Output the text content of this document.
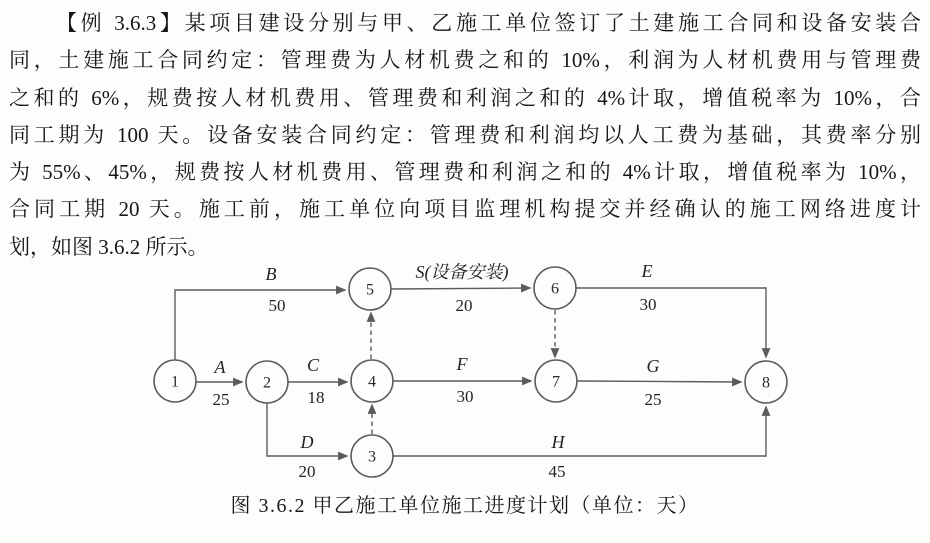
【例 3.6.3】某项目建设分别与甲、乙施工单位签订了土建施工合同和设备安装合
同，土建施工合同约定：管理费为人材机费之和的 10%，利润为人材机费用与管理费
之和的 6%，规费按人材机费用、管理费和利润之和的 4%计取，增值税率为 10%，合
同工期为 100 天。设备安装合同约定：管理费和利润均以人工费为基础，其费率分别
为 55%、45%，规费按人材机费用、管理费和利润之和的 4%计取，增值税率为 10%，
合同工期 20 天。施工前，施工单位向项目监理机构提交并经确认的施工网络进度计
划，如图 3.6.2 所示。
B
50
A
25
C
18
D
20
S(设备安装)
20
E
30
F
30
G
25
H
45
1	2
3
4
5	6
7	8
图 3.6.2 甲乙施工单位施工进度计划（单位：天）
